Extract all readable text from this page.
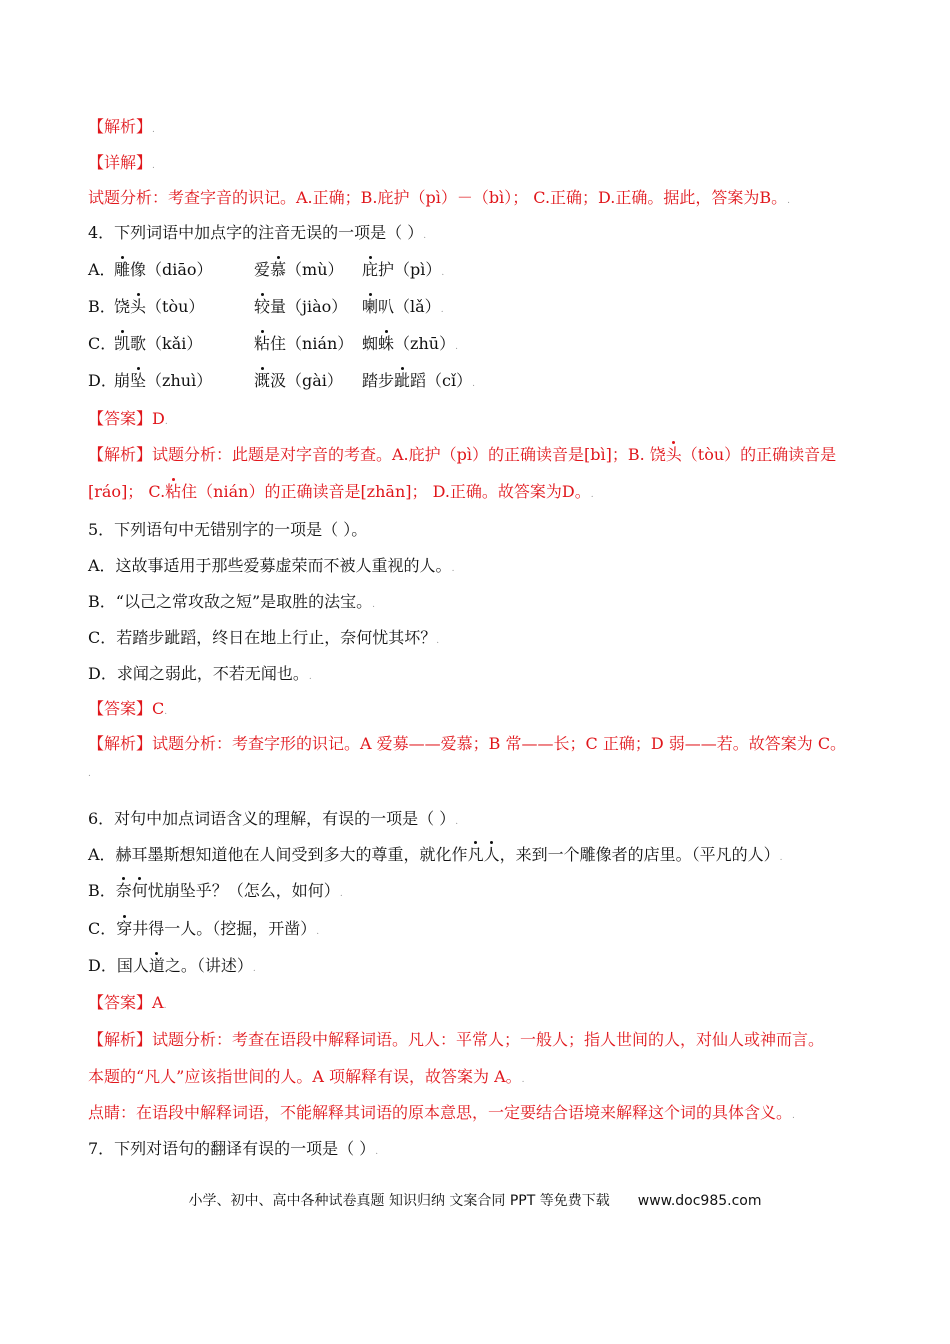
【解析】.
【详解】.
试题分析：考查字音的识记。A.正确；B.庇护（pì）－（bì）； C.正确；D.正确。据此，答案为B。.
4．下列词语中加点字的注音无误的一项是（ ）.
A．
雕像（diāo）	爱慕（mù） 庇护（pì）.
B．
饶头（tòu）	较量（jiào） 喇叭（lǎ）.
C．
凯歌（kǎi）	粘住（nián） 蜘蛛（zhū）.
D．
崩坠（zhuì）	溉汲（gài） 踏步跐蹈（cǐ）.
【答案】D.
【解析】试题分析：此题是对字音的考查。A.庇护（pì）的正确读音是[bì]；B. 饶头（tòu）的正确读音是
[ráo]； C.粘住（nián）的正确读音是[zhān]； D.正确。故答案为D。.
5．下列语句中无错别字的一项是（ ）。
A．这故事适用于那些爱募虚荣而不被人重视的人。.
B．“以己之常攻敌之短”是取胜的法宝。.
C．若踏步跐蹈，终日在地上行止，奈何忧其坏？.
D．求闻之弱此，不若无闻也。.
【答案】C.
【解析】试题分析：考查字形的识记。A 爱募——爱慕；B 常——长；C 正确；D 弱——若。故答案为 C。
.
6．对句中加点词语含义的理解，有误的一项是（ ）.
A．赫耳墨斯想知道他在人间受到多大的尊重，就化作凡人，来到一个雕像者的店里。（平凡的人）.
B．奈何忧崩坠乎？（怎么，如何）.
C．穿井得一人。（挖掘，开凿）.
D．国人道之。（讲述）.
【答案】A.
【解析】试题分析：考查在语段中解释词语。凡人：平常人；一般人；指人世间的人，对仙人或神而言。
本题的“凡人”应该指世间的人。A 项解释有误，故答案为 A。.
点睛：在语段中解释词语，不能解释其词语的原本意思，一定要结合语境来解释这个词的具体含义。.
7．下列对语句的翻译有误的一项是（ ）.
小学、初中、高中各种试卷真题 知识归纳 文案合同 PPT 等免费下载 www.doc985.com
